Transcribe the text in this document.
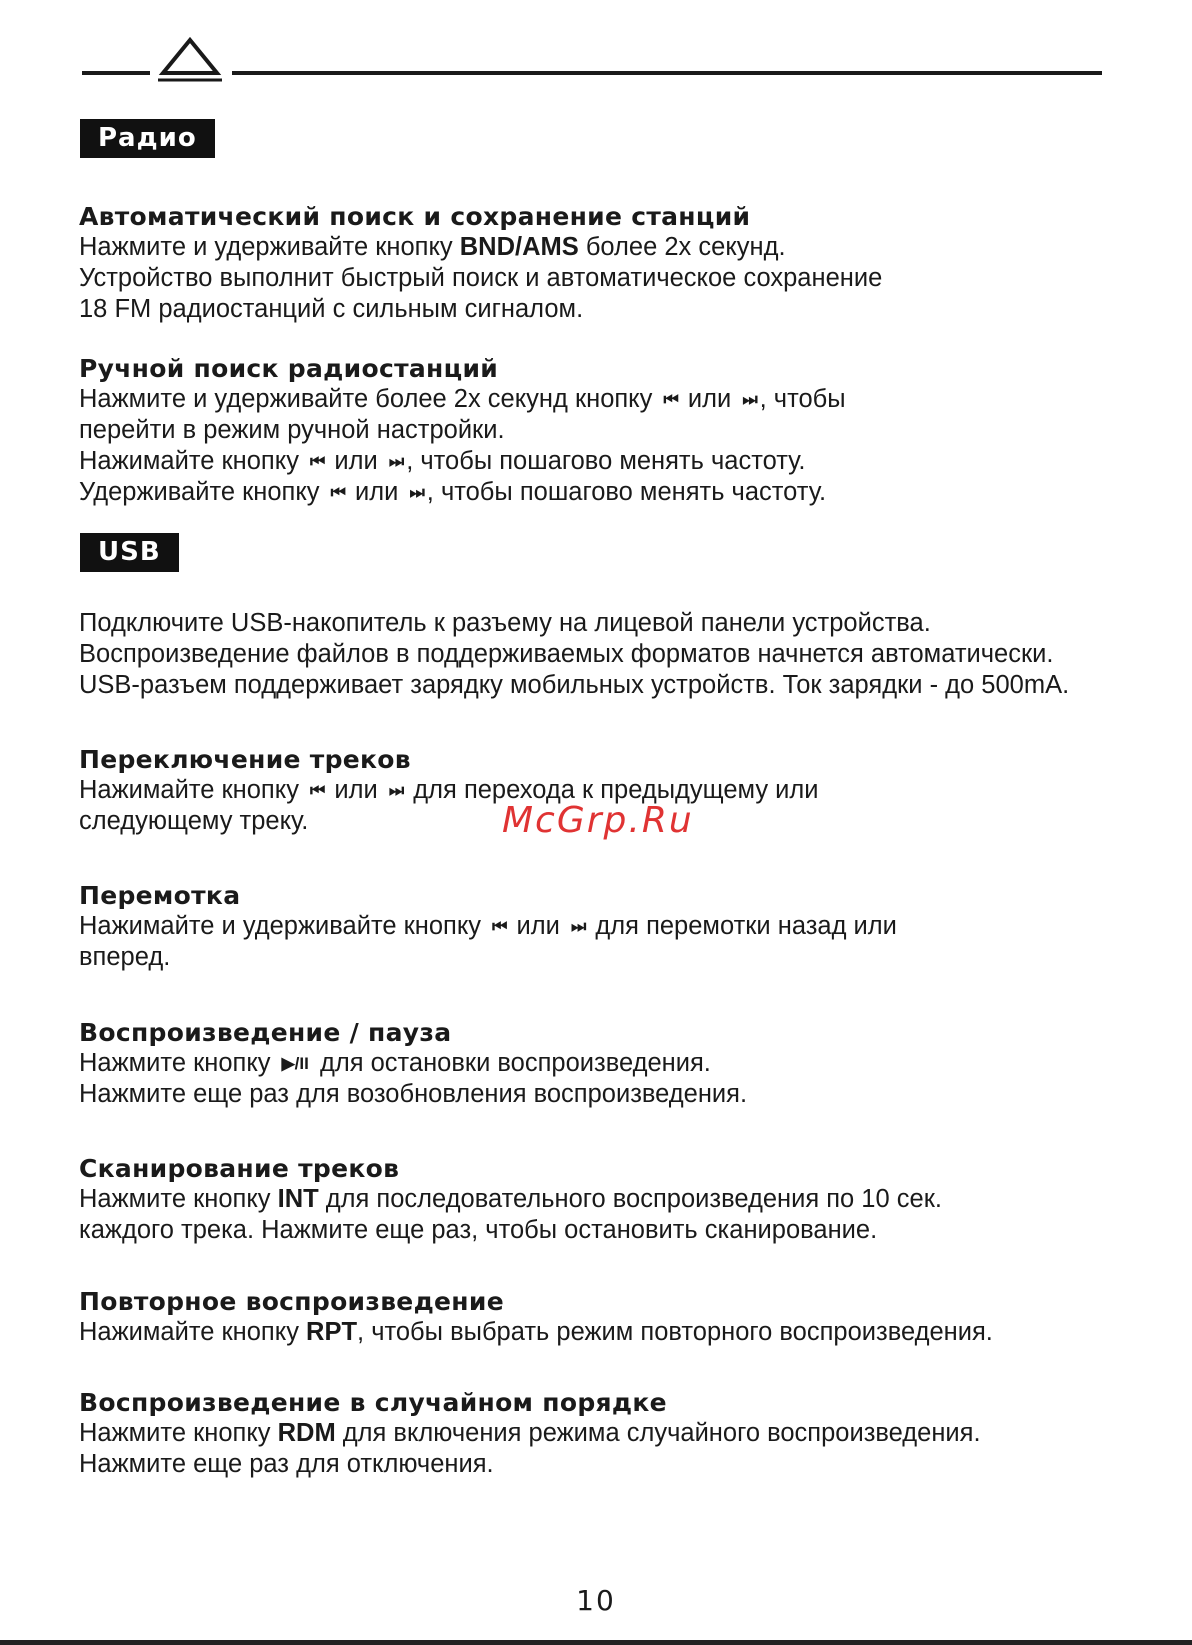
Радио

Автоматический поиск и сохранение станций

Нажмите и удерживайте кнопку BND/AMS более 2х секунд.

Устройство выполнит быстрый поиск и автоматическое сохранение

18 FM радиостанций с сильным сигналом.

Ручной поиск радиостанций

Нажмите и удерживайте более 2х секунд кнопку ⏮ или ⏭ , чтобы

перейти в режим ручной настройки.

Нажимайте кнопку ⏮ или ⏭ , чтобы пошагово менять частоту.

Удерживайте кнопку ⏮ или ⏭ , чтобы пошагово менять частоту.

USB

Подключите USB-накопитель к разъему на лицевой панели устройства.

Воспроизведение файлов в поддерживаемых форматов начнется автоматически.

USB-разъем поддерживает зарядку мобильных устройств. Ток зарядки - до 500mA.

Переключение треков

Нажимайте кнопку ⏮ или ⏭ для перехода к предыдущему или

следующему треку.	McGrp.Ru

Перемотка

Нажимайте и удерживайте кнопку ⏮ или ⏭ для перемотки назад или

вперед.

Воспроизведение / пауза

Нажмите кнопку ▶/II для остановки воспроизведения.

Нажмите еще раз для возобновления воспроизведения.

Сканирование треков

Нажмите кнопку INT для последовательного воспроизведения по 10 сек.

каждого трека. Нажмите еще раз, чтобы остановить сканирование.

Повторное воспроизведение

Нажимайте кнопку RPT, чтобы выбрать режим повторного воспроизведения.

Воспроизведение в случайном порядке

Нажмите кнопку RDM для включения режима случайного воспроизведения.

Нажмите еще раз для отключения.

10
